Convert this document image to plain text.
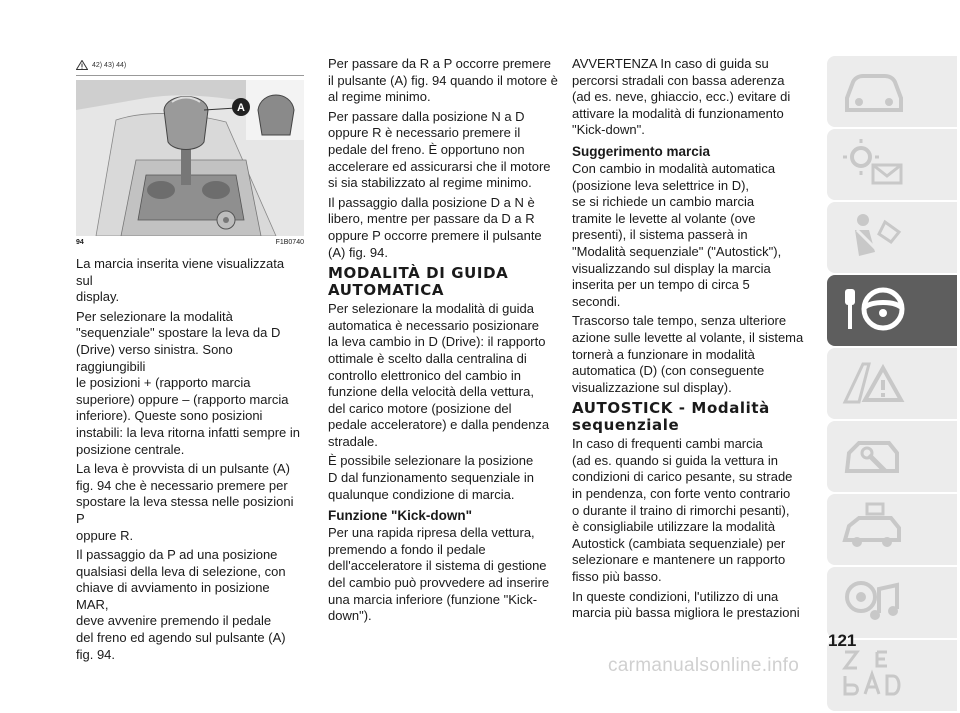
42) 43) 44)
A
94	F1B0740

La marcia inserita viene visualizzata sul
display.

Per selezionare la modalità
"sequenziale" spostare la leva da D
(Drive) verso sinistra. Sono raggiungibili
le posizioni + (rapporto marcia
superiore) oppure – (rapporto marcia
inferiore). Queste sono posizioni
instabili: la leva ritorna infatti sempre in
posizione centrale.

La leva è provvista di un pulsante (A)
fig. 94 che è necessario premere per
spostare la leva stessa nelle posizioni P
oppure R.

Il passaggio da P ad una posizione
qualsiasi della leva di selezione, con
chiave di avviamento in posizione MAR,
deve avvenire premendo il pedale
del freno ed agendo sul pulsante (A)
fig. 94.

Per passare da R a P occorre premere
il pulsante (A) fig. 94 quando il motore è
al regime minimo.

Per passare dalla posizione N a D
oppure R è necessario premere il
pedale del freno. È opportuno non
accelerare ed assicurarsi che il motore
si sia stabilizzato al regime minimo.

Il passaggio dalla posizione D a N è
libero, mentre per passare da D a R
oppure P occorre premere il pulsante
(A) fig. 94.

MODALITÀ DI GUIDA
AUTOMATICA

Per selezionare la modalità di guida
automatica è necessario posizionare
la leva cambio in D (Drive): il rapporto
ottimale è scelto dalla centralina di
controllo elettronico del cambio in
funzione della velocità della vettura,
del carico motore (posizione del
pedale acceleratore) e dalla pendenza
stradale.

È possibile selezionare la posizione
D dal funzionamento sequenziale in
qualunque condizione di marcia.

Funzione "Kick-down"

Per una rapida ripresa della vettura,
premendo a fondo il pedale
dell'acceleratore il sistema di gestione
del cambio può provvedere ad inserire
una marcia inferiore (funzione "Kick-
down").

AVVERTENZA In caso di guida su
percorsi stradali con bassa aderenza
(ad es. neve, ghiaccio, ecc.) evitare di
attivare la modalità di funzionamento
"Kick-down".

Suggerimento marcia

Con cambio in modalità automatica
(posizione leva selettrice in D),
se si richiede un cambio marcia
tramite le levette al volante (ove
presenti), il sistema passerà in
"Modalità sequenziale" ("Autostick"),
visualizzando sul display la marcia
inserita per un tempo di circa 5
secondi.

Trascorso tale tempo, senza ulteriore
azione sulle levette al volante, il sistema
tornerà a funzionare in modalità
automatica (D) (con conseguente
visualizzazione sul display).

AUTOSTICK - Modalità
sequenziale

In caso di frequenti cambi marcia
(ad es. quando si guida la vettura in
condizioni di carico pesante, su strade
in pendenza, con forte vento contrario
o durante il traino di rimorchi pesanti),
è consigliabile utilizzare la modalità
Autostick (cambiata sequenziale) per
selezionare e mantenere un rapporto
fisso più basso.

In queste condizioni, l'utilizzo di una
marcia più bassa migliora le prestazioni

121
carmanualsonline.info
